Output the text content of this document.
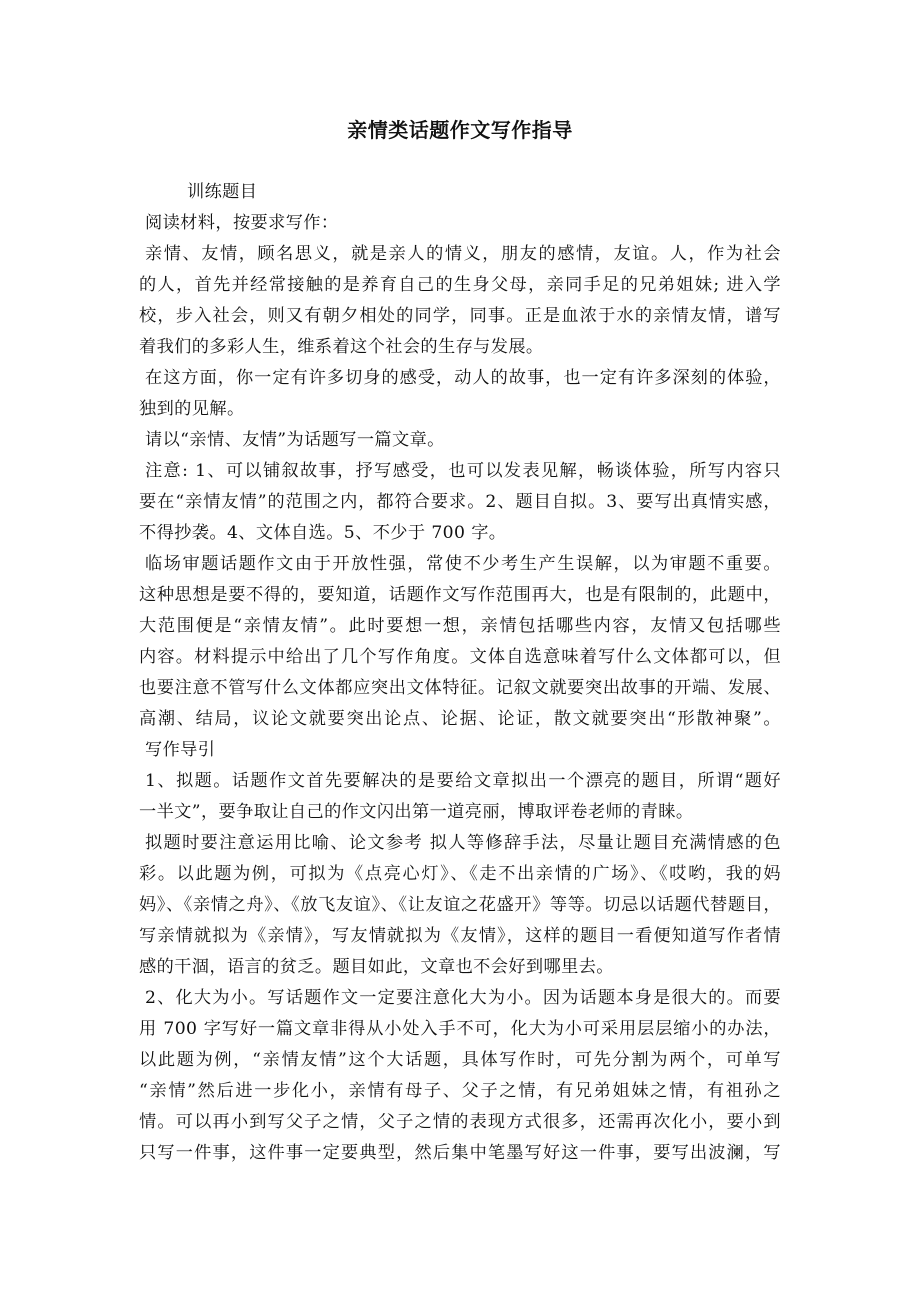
亲情类话题作文写作指导
训练题目
阅读材料，按要求写作：
亲情、友情，顾名思义，就是亲人的情义，朋友的感情，友谊。人，作为社会
的人，首先并经常接触的是养育自己的生身父母，亲同手足的兄弟姐妹; 进入学
校，步入社会，则又有朝夕相处的同学，同事。正是血浓于水的亲情友情，谱写
着我们的多彩人生，维系着这个社会的生存与发展。
在这方面，你一定有许多切身的感受，动人的故事，也一定有许多深刻的体验，
独到的见解。
请以“亲情、友情”为话题写一篇文章。
注意: 1、可以铺叙故事，抒写感受，也可以发表见解，畅谈体验，所写内容只
要在“亲情友情”的范围之内，都符合要求。2、题目自拟。3、要写出真情实感，
不得抄袭。4、文体自选。5、不少于 700 字。
临场审题话题作文由于开放性强，常使不少考生产生误解，以为审题不重要。
这种思想是要不得的，要知道，话题作文写作范围再大，也是有限制的，此题中，
大范围便是“亲情友情”。此时要想一想，亲情包括哪些内容，友情又包括哪些
内容。材料提示中给出了几个写作角度。文体自选意味着写什么文体都可以，但
也要注意不管写什么文体都应突出文体特征。记叙文就要突出故事的开端、发展、
高潮、结局，议论文就要突出论点、论据、论证，散文就要突出“形散神聚”。
写作导引
1、拟题。话题作文首先要解决的是要给文章拟出一个漂亮的题目，所谓“题好
一半文”，要争取让自己的作文闪出第一道亮丽，博取评卷老师的青睐。
拟题时要注意运用比喻、论文参考 拟人等修辞手法，尽量让题目充满情感的色
彩。以此题为例，可拟为《点亮心灯》、《走不出亲情的广场》、《哎哟，我的妈
妈》、《亲情之舟》、《放飞友谊》、《让友谊之花盛开》等等。切忌以话题代替题目，
写亲情就拟为《亲情》，写友情就拟为《友情》，这样的题目一看便知道写作者情
感的干涸，语言的贫乏。题目如此，文章也不会好到哪里去。
2、化大为小。写话题作文一定要注意化大为小。因为话题本身是很大的。而要
用 700 字写好一篇文章非得从小处入手不可，化大为小可采用层层缩小的办法，
以此题为例，“亲情友情”这个大话题，具体写作时，可先分割为两个，可单写
“亲情”然后进一步化小，亲情有母子、父子之情，有兄弟姐妹之情，有祖孙之
情。可以再小到写父子之情，父子之情的表现方式很多，还需再次化小，要小到
只写一件事，这件事一定要典型，然后集中笔墨写好这一件事，要写出波澜，写
